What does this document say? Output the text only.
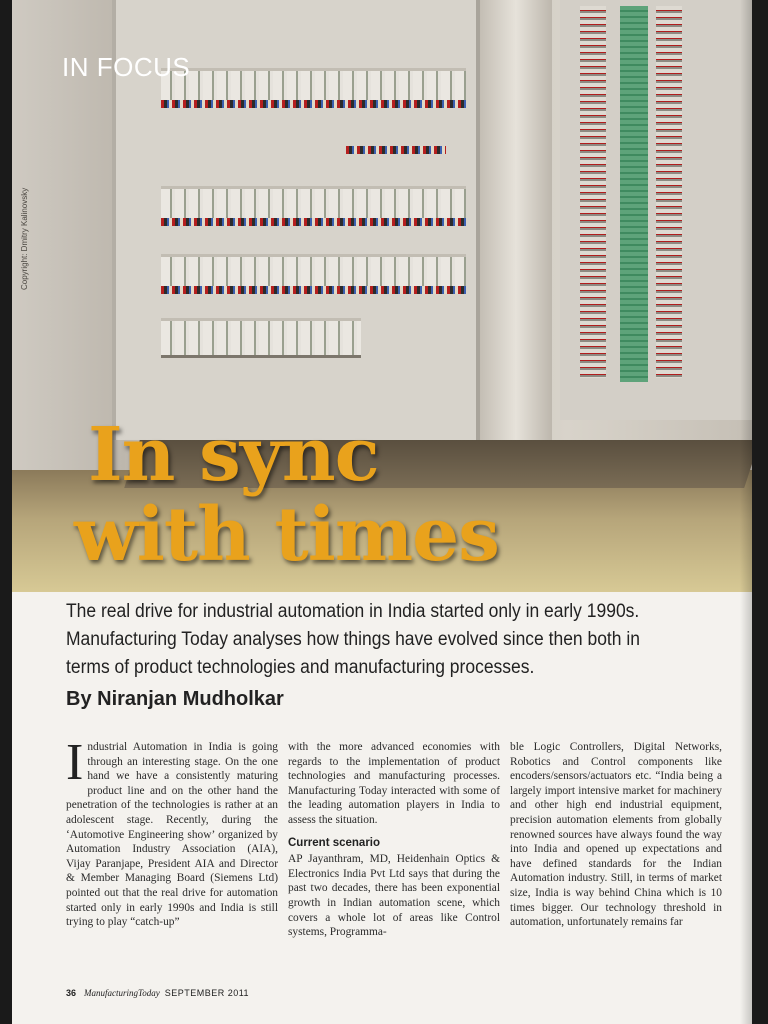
IN FOCUS

Copyright: Dmitry Kalinovsky

In sync
with times

The real drive for industrial automation in India started only in early 1990s. Manufacturing Today analyses how things have evolved since then both in terms of product technologies and manufacturing processes.

By Niranjan Mudholkar

I ndustrial Automation in India is going through an interesting stage. On the one hand we have a consistently maturing product line and on the other hand the penetration of the technologies is rather at an adolescent stage. Recently, during the ‘Automotive Engineering show’ organized by Automation Industry Association (AIA), Vijay Paranjape, President AIA and Director & Member Managing Board (Siemens Ltd) pointed out that the real drive for automation started only in early 1990s and India is still trying to play “catch-up”

with the more advanced economies with regards to the implementation of product technologies and manufacturing processes. Manufacturing Today interacted with some of the leading automation players in India to assess the situation.

Current scenario

AP Jayanthram, MD, Heidenhain Optics & Electronics India Pvt Ltd says that during the past two decades, there has been exponential growth in Indian automation scene, which covers a whole lot of areas like Control systems, Programma-

ble Logic Controllers, Digital Networks, Robotics and Control components like encoders/sensors/actuators etc. “India being a largely import intensive market for machinery and other high end industrial equipment, precision automation elements from globally renowned sources have always found the way into India and opened up expectations and have defined standards for the Indian Automation industry. Still, in terms of market size, India is way behind China which is 10 times bigger. Our technology threshold in automation, unfortunately remains far

36 ManufacturingToday SEPTEMBER 2011
